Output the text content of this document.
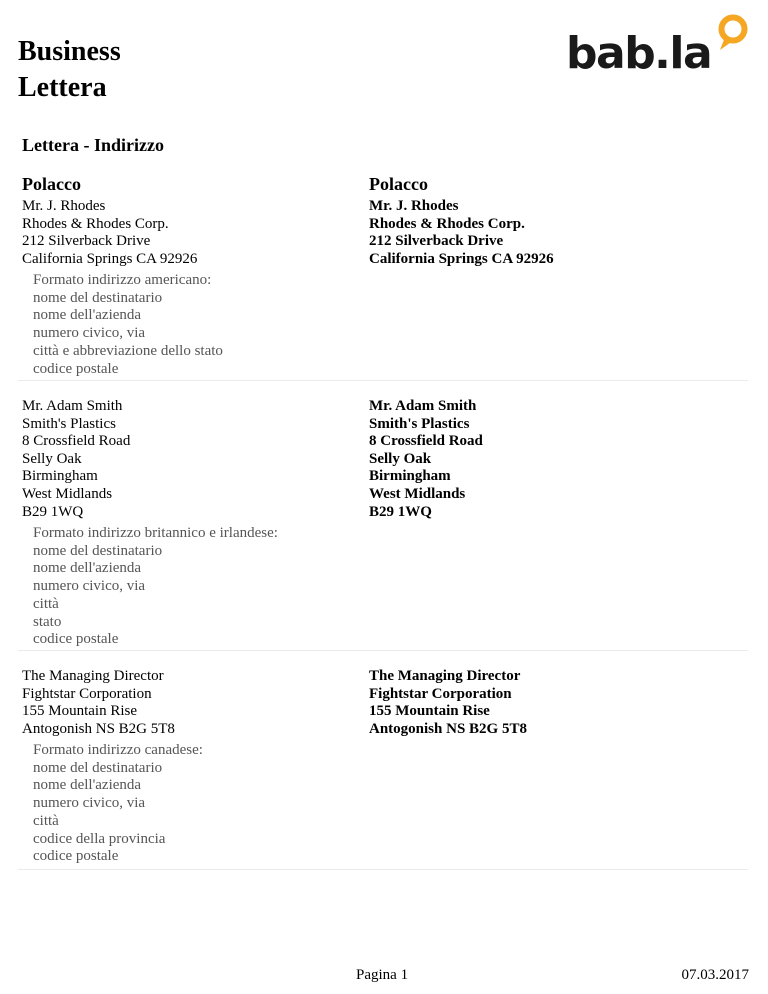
Business
Lettera
bab.la
Lettera - Indirizzo
Polacco	Polacco
Mr. J. Rhodes
Rhodes & Rhodes Corp.
212 Silverback Drive
California Springs CA 92926
Mr. J. Rhodes
Rhodes & Rhodes Corp.
212 Silverback Drive
California Springs CA 92926
Formato indirizzo americano:
nome del destinatario
nome dell'azienda
numero civico, via
città e abbreviazione dello stato
codice postale
Mr. Adam Smith
Smith's Plastics
8 Crossfield Road
Selly Oak
Birmingham
West Midlands
B29 1WQ
Mr. Adam Smith
Smith's Plastics
8 Crossfield Road
Selly Oak
Birmingham
West Midlands
B29 1WQ
Formato indirizzo britannico e irlandese:
nome del destinatario
nome dell'azienda
numero civico, via
città
stato
codice postale
The Managing Director
Fightstar Corporation
155 Mountain Rise
Antogonish NS B2G 5T8
The Managing Director
Fightstar Corporation
155 Mountain Rise
Antogonish NS B2G 5T8
Formato indirizzo canadese:
nome del destinatario
nome dell'azienda
numero civico, via
città
codice della provincia
codice postale
Pagina 1	07.03.2017
